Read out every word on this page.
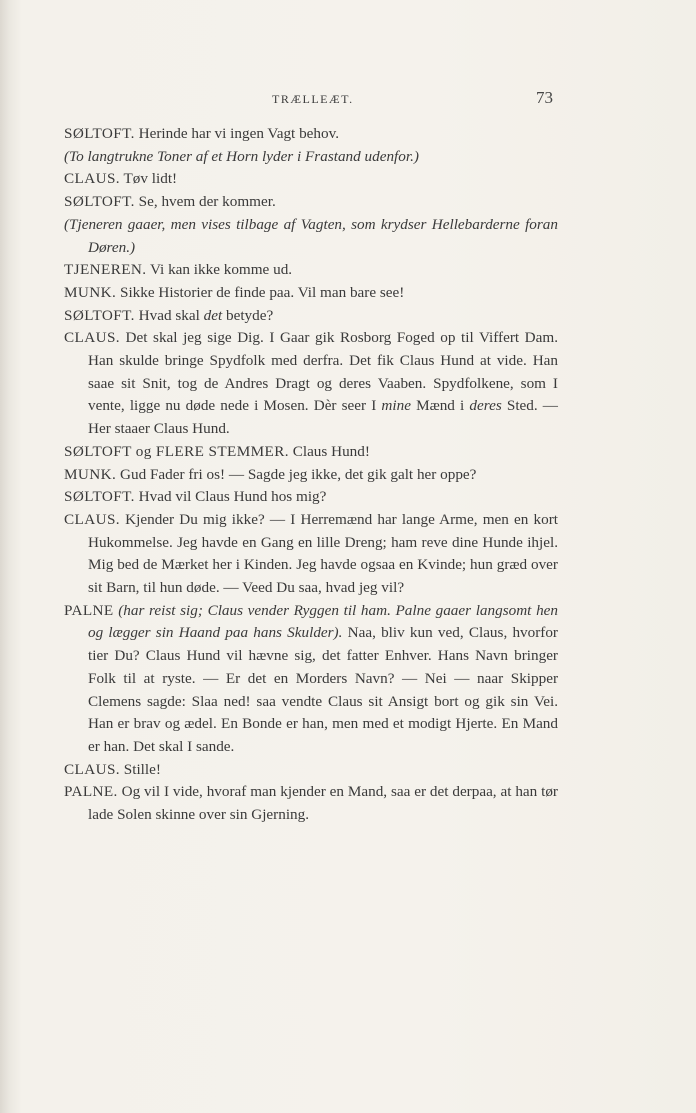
TRÆLLEÆT.	73

SØLTOFT. Herinde har vi ingen Vagt behov.

(To langtrukne Toner af et Horn lyder i Frastand udenfor.)

CLAUS. Tøv lidt!

SØLTOFT. Se, hvem der kommer.

(Tjeneren gaaer, men vises tilbage af Vagten, som krydser Hellebarderne foran Døren.)

TJENEREN. Vi kan ikke komme ud.

MUNK. Sikke Historier de finde paa. Vil man bare see!

SØLTOFT. Hvad skal det betyde?

CLAUS. Det skal jeg sige Dig. I Gaar gik Rosborg Foged op til Viffert Dam. Han skulde bringe Spydfolk med derfra. Det fik Claus Hund at vide. Han saae sit Snit, tog de Andres Dragt og deres Vaaben. Spydfolkene, som I vente, ligge nu døde nede i Mosen. Dèr seer I mine Mænd i deres Sted. — Her staaer Claus Hund.

SØLTOFT og FLERE STEMMER. Claus Hund!

MUNK. Gud Fader fri os! — Sagde jeg ikke, det gik galt her oppe?

SØLTOFT. Hvad vil Claus Hund hos mig?

CLAUS. Kjender Du mig ikke? — I Herremænd har lange Arme, men en kort Hukommelse. Jeg havde en Gang en lille Dreng; ham reve dine Hunde ihjel. Mig bed de Mærket her i Kinden. Jeg havde ogsaa en Kvinde; hun græd over sit Barn, til hun døde. — Veed Du saa, hvad jeg vil?

PALNE (har reist sig; Claus vender Ryggen til ham. Palne gaaer langsomt hen og lægger sin Haand paa hans Skulder). Naa, bliv kun ved, Claus, hvorfor tier Du? Claus Hund vil hævne sig, det fatter Enhver. Hans Navn bringer Folk til at ryste. — Er det en Morders Navn? — Nei — naar Skipper Clemens sagde: Slaa ned! saa vendte Claus sit Ansigt bort og gik sin Vei. Han er brav og ædel. En Bonde er han, men med et modigt Hjerte. En Mand er han. Det skal I sande.

CLAUS. Stille!

PALNE. Og vil I vide, hvoraf man kjender en Mand, saa er det derpaa, at han tør lade Solen skinne over sin Gjerning.
